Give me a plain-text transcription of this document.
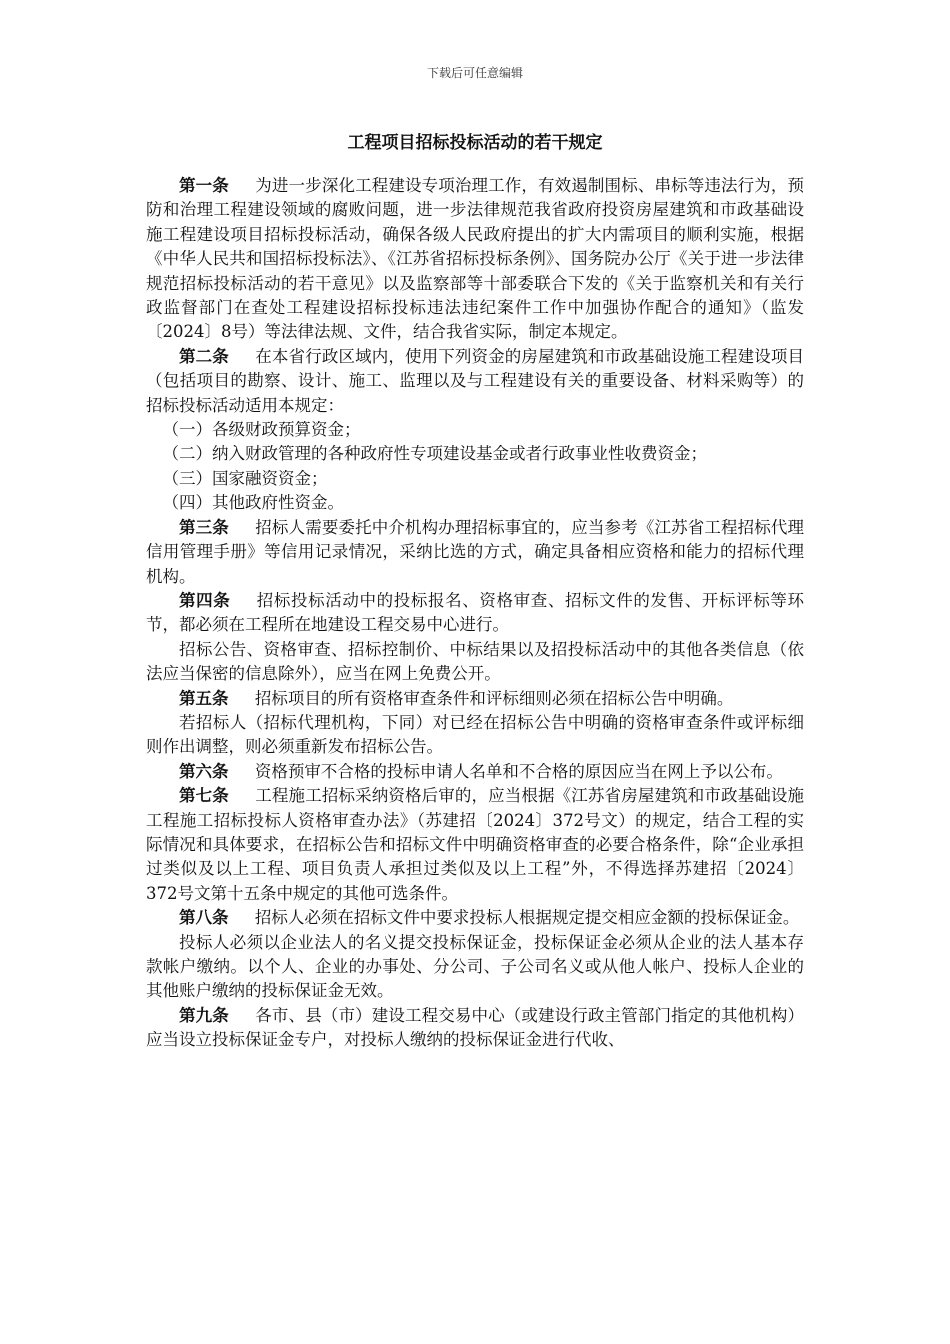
下载后可任意编辑
工程项目招标投标活动的若干规定

第一条 为进一步深化工程建设专项治理工作，有效遏制围标、串标等违法行为，预防和治理工程建设领域的腐败问题，进一步法律规范我省政府投资房屋建筑和市政基础设施工程建设项目招标投标活动，确保各级人民政府提出的扩大内需项目的顺利实施，根据《中华人民共和国招标投标法》、《江苏省招标投标条例》、国务院办公厅《关于进一步法律规范招标投标活动的若干意见》以及监察部等十部委联合下发的《关于监察机关和有关行政监督部门在查处工程建设招标投标违法违纪案件工作中加强协作配合的通知》（监发〔2024〕8号）等法律法规、文件，结合我省实际，制定本规定。

第二条 在本省行政区域内，使用下列资金的房屋建筑和市政基础设施工程建设项目（包括项目的勘察、设计、施工、监理以及与工程建设有关的重要设备、材料采购等）的招标投标活动适用本规定：

（一）各级财政预算资金；

（二）纳入财政管理的各种政府性专项建设基金或者行政事业性收费资金；

（三）国家融资资金；

（四）其他政府性资金。

第三条 招标人需要委托中介机构办理招标事宜的，应当参考《江苏省工程招标代理信用管理手册》等信用记录情况，采纳比选的方式，确定具备相应资格和能力的招标代理机构。

第四条 招标投标活动中的投标报名、资格审查、招标文件的发售、开标评标等环节，都必须在工程所在地建设工程交易中心进行。

招标公告、资格审查、招标控制价、中标结果以及招投标活动中的其他各类信息（依法应当保密的信息除外），应当在网上免费公开。

第五条 招标项目的所有资格审查条件和评标细则必须在招标公告中明确。

若招标人（招标代理机构，下同）对已经在招标公告中明确的资格审查条件或评标细则作出调整，则必须重新发布招标公告。

第六条 资格预审不合格的投标申请人名单和不合格的原因应当在网上予以公布。

第七条 工程施工招标采纳资格后审的，应当根据《江苏省房屋建筑和市政基础设施工程施工招标投标人资格审查办法》（苏建招〔2024〕372号文）的规定，结合工程的实际情况和具体要求，在招标公告和招标文件中明确资格审查的必要合格条件，除“企业承担过类似及以上工程、项目负责人承担过类似及以上工程”外，不得选择苏建招〔2024〕372号文第十五条中规定的其他可选条件。

第八条 招标人必须在招标文件中要求投标人根据规定提交相应金额的投标保证金。

投标人必须以企业法人的名义提交投标保证金，投标保证金必须从企业的法人基本存款帐户缴纳。以个人、企业的办事处、分公司、子公司名义或从他人帐户、投标人企业的其他账户缴纳的投标保证金无效。

第九条 各市、县（市）建设工程交易中心（或建设行政主管部门指定的其他机构）应当设立投标保证金专户，对投标人缴纳的投标保证金进行代收、
